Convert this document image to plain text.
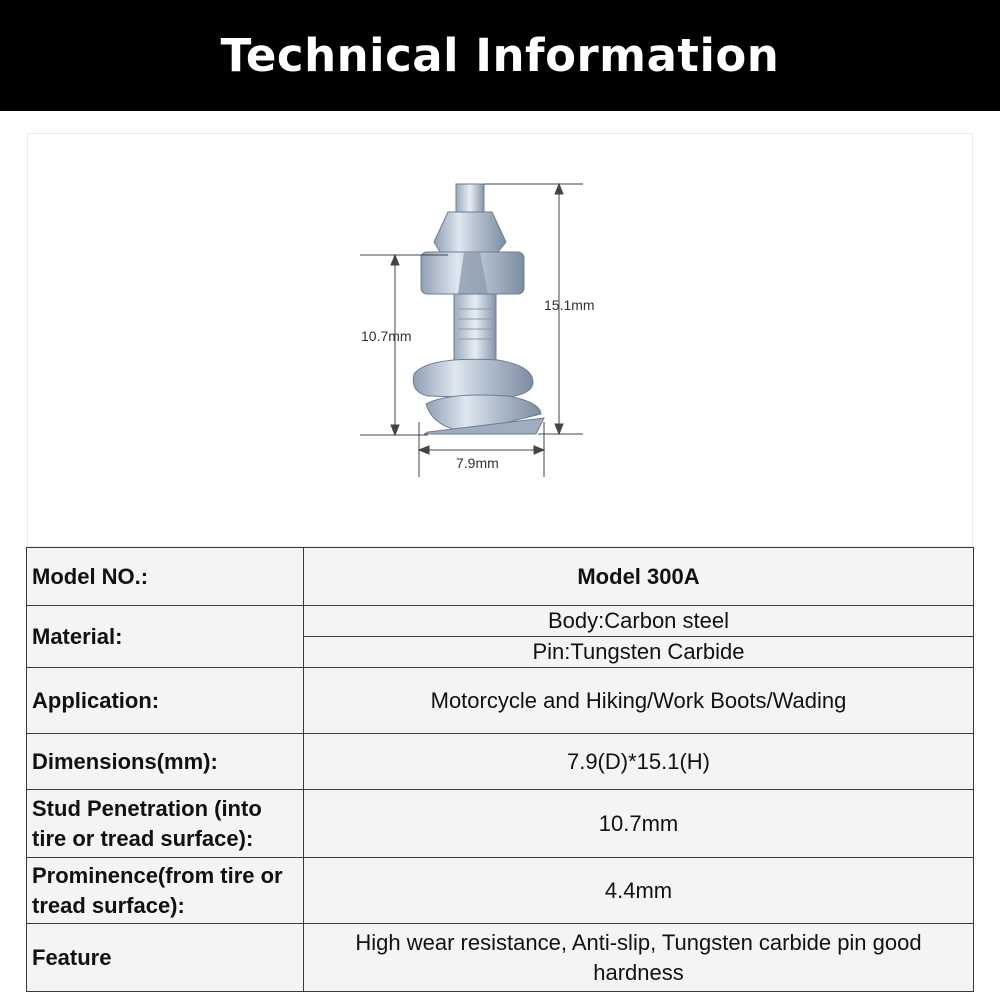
Technical Information
15.1mm
10.7mm
7.9mm
Model NO.:	Model 300A
Material:	Body:Carbon steel
	Pin:Tungsten Carbide
Application:	Motorcycle and Hiking/Work Boots/Wading
Dimensions(mm):	7.9(D)*15.1(H)
Stud Penetration (into tire or tread surface):	10.7mm
Prominence(from tire or tread surface):	4.4mm
Feature	High wear resistance, Anti-slip, Tungsten carbide pin good hardness
